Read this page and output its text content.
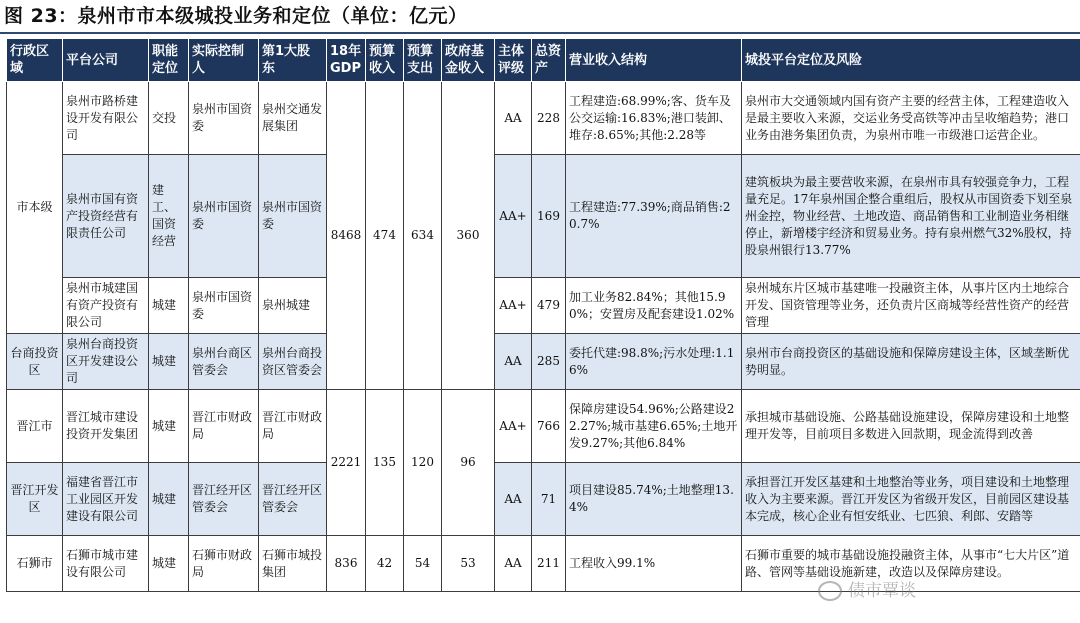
图 23：泉州市市本级城投业务和定位（单位：亿元）
行政区域	平台公司	职能定位	实际控制人	第1大股东	18年GDP	预算收入	预算支出	政府基金收入	主体评级	总资产	营业收入结构	城投平台定位及风险
市本级	泉州市路桥建设开发有限公司	交投	泉州市国资委	泉州交通发展集团	8468	474	634	360	AA	228	工程建造:68.99%;客、货车及公交运输:16.83%;港口装卸、堆存:8.65%;其他:2.28等	泉州市大交通领域内国有资产主要的经营主体，工程建造收入是最主要收入来源，交运业务受高铁等冲击呈收缩趋势；港口业务由港务集团负责，为泉州市唯一市级港口运营企业。
	泉州市国有资产投资经营有限责任公司	建工、国资经营	泉州市国资委	泉州市国资委					AA+	169	工程建造:77.39%;商品销售:20.7%	建筑板块为最主要营收来源，在泉州市具有较强竞争力，工程量充足。17年泉州国企整合重组后，股权从市国资委下划至泉州金控，物业经营、土地改造、商品销售和工业制造业务相继停止，新增楼宇经济和贸易业务。持有泉州燃气32%股权，持股泉州银行13.77%
	泉州市城建国有资产投资有限公司	城建	泉州市国资委	泉州城建					AA+	479	加工业务82.84%；其他15.90%；安置房及配套建设1.02%	泉州城东片区城市基建唯一投融资主体，从事片区内土地综合开发、国资管理等业务，还负责片区商城等经营性资产的经营管理
台商投资区	泉州台商投资区开发建设公司	城建	泉州台商区管委会	泉州台商投资区管委会					AA	285	委托代建:98.8%;污水处理:1.16%	泉州市台商投资区的基础设施和保障房建设主体，区域垄断优势明显。
晋江市	晋江城市建设投资开发集团	城建	晋江市财政局	晋江市财政局	2221	135	120	96	AA+	766	保障房建设54.96%;公路建设22.27%;城市基建6.65%;土地开发9.27%;其他6.84%	承担城市基础设施、公路基础设施建设，保障房建设和土地整理开发等，目前项目多数进入回款期，现金流得到改善
晋江开发区	福建省晋江市工业园区开发建设有限公司	城建	晋江经开区管委会	晋江经开区管委会					AA	71	项目建设85.74%;土地整理13.4%	承担晋江开发区基建和土地整治等业务，项目建设和土地整理收入为主要来源。晋江开发区为省级开发区，目前园区建设基本完成，核心企业有恒安纸业、七匹狼、利郎、安踏等
石狮市	石狮市城市建设有限公司	城建	石狮市财政局	石狮市城投集团	836	42	54	53	AA	211	工程收入99.1%	石狮市重要的城市基础设施投融资主体，从事市“七大片区”道路、管网等基础设施新建，改造以及保障房建设。
债市覃谈
